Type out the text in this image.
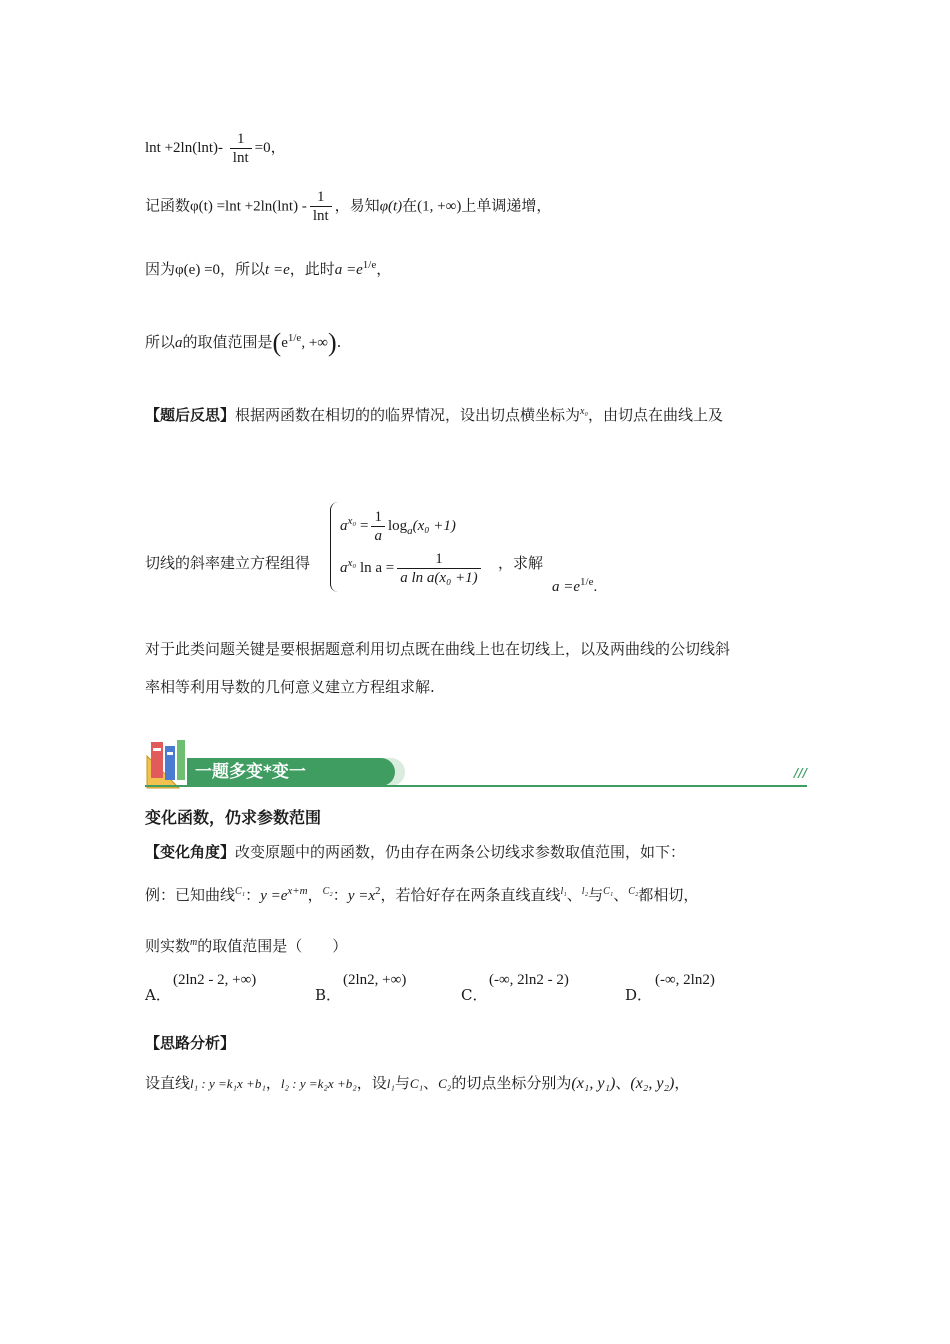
$\ln t +2\ln(\ln t)- \frac{1}{\ln t} =0$，
记函数$\varphi(t) =\ln t +2\ln(\ln t) - \frac{1}{\ln t}$ ，易知φ(t)在(1, +∞)上单调递增，
因为φ(e) =0，所以t =e，此时$a =e^{1/e}$，
所以a的取值范围是($e^{1/e}$, +∞).
【题后反思】根据两函数在相切的的临界情况，设出切点横坐标为$^{x_0}$，由切点在曲线上及
切线的斜率建立方程组得
$a^{x_0} = \frac{1}{a} \log_a(x_0 +1)$
$a^{x_0}$ $\ln a = \frac{1}{\text{a ln a(x₀ +1)}}$ ，求解
$a =e^{1/e}$.
对于此类问题关键是要根据题意利用切点既在曲线上也在切线上，以及两曲线的公切线斜
率相等利用导数的几何意义建立方程组求解.
一题多变*变一	///
变化函数，仍求参数范围
【变化角度】改变原题中的两函数，仍由存在两条公切线求参数取值范围，如下：
例：已知曲线$^{C_1}$：$y =e^{x+m}$，$^{C_2}$：$y =x^2$，若恰好存在两条直线直线$^{l_1}$、$^{l_2}$与$^{C_1}$、$^{C_2}$都相切，
则实数$^m$的取值范围是（　　）
A．
(2ln2 - 2, +∞)
B．
(2ln2, +∞)
C．
(-∞, 2ln2 - 2)
D．
(-∞, 2ln2)
【思路分析】
设直线l₁ : y =k₁x +b₁，l₂ : y =k₂x +b₂，设l₁与C₁、C₂的切点坐标分别为(x₁, y₁)、(x₂, y₂)，
